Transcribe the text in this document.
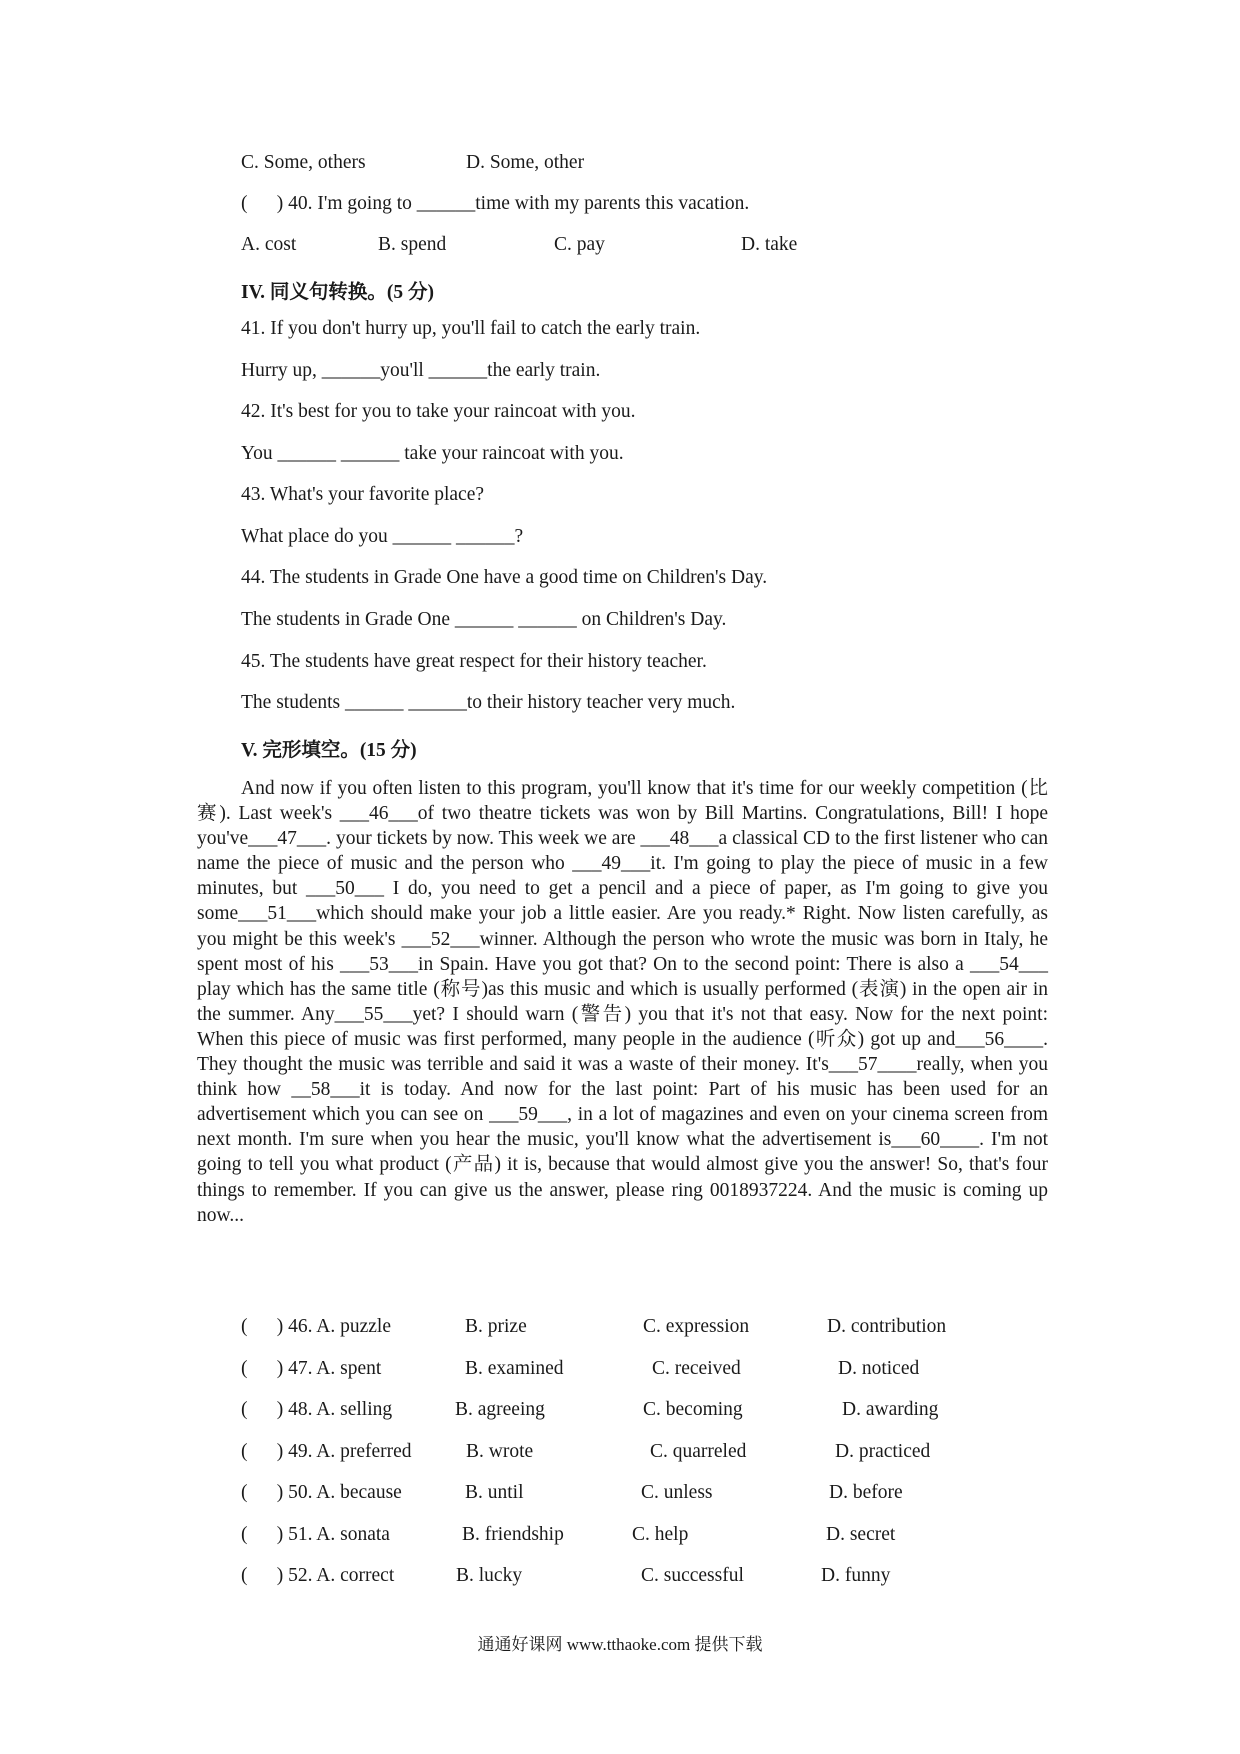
C. Some, others	D. Some, other
(      ) 40. I'm going to ______time with my parents this vacation.
A. cost	B. spend	C. pay	D. take
IV. 同义句转换。(5 分)
41. If you don't hurry up, you'll fail to catch the early train.
Hurry up, ______you'll ______the early train.
42. It's best for you to take your raincoat with you.
You ______ ______ take your raincoat with you.
43. What's your favorite place?
What place do you ______ ______?
44. The students in Grade One have a good time on Children's Day.
The students in Grade One ______ ______ on Children's Day.
45. The students have great respect for their history teacher.
The students ______ ______to their history teacher very much.
V. 完形填空。(15 分)
And now if you often listen to this program, you'll know that it's time for our weekly competition (比赛). Last week's ___46___of two theatre tickets was won by Bill Martins. Congratulations, Bill! I hope you've___47___. your tickets by now. This week we are ___48___a classical CD to the first listener who can name the piece of music and the person who ___49___it. I'm going to play the piece of music in a few minutes, but ___50___ I do, you need to get a pencil and a piece of paper, as I'm going to give you some___51___which should make your job a little easier. Are you ready.* Right. Now listen carefully, as you might be this week's ___52___winner. Although the person who wrote the music was born in Italy, he spent most of his ___53___in Spain. Have you got that? On to the second point: There is also a ___54___ play which has the same title (称号)as this music and which is usually performed (表演) in the open air in the summer. Any___55___yet? I should warn (警告) you that it's not that easy. Now for the next point: When this piece of music was first performed, many people in the audience (听众) got up and___56____. They thought the music was terrible and said it was a waste of their money. It's___57____really, when you think how __58___it is today. And now for the last point: Part of his music has been used for an advertisement which you can see on ___59___, in a lot of magazines and even on your cinema screen from next month. I'm sure when you hear the music, you'll know what the advertisement is___60____. I'm not going to tell you what product (产品) it is, because that would almost give you the answer! So, that's four things to remember. If you can give us the answer, please ring 0018937224. And the music is coming up now...
(      ) 46. A. puzzle	B. prize	C. expression	D. contribution
(      ) 47. A. spent	B. examined	C. received	D. noticed
(      ) 48. A. selling	B. agreeing	C. becoming	D. awarding
(      ) 49. A. preferred	B. wrote	C. quarreled	D. practiced
(      ) 50. A. because	B. until	C. unless	D. before
(      ) 51. A. sonata	B. friendship	C. help	D. secret
(      ) 52. A. correct	B. lucky	C. successful	D. funny
通通好课网 www.tthaoke.com 提供下载
